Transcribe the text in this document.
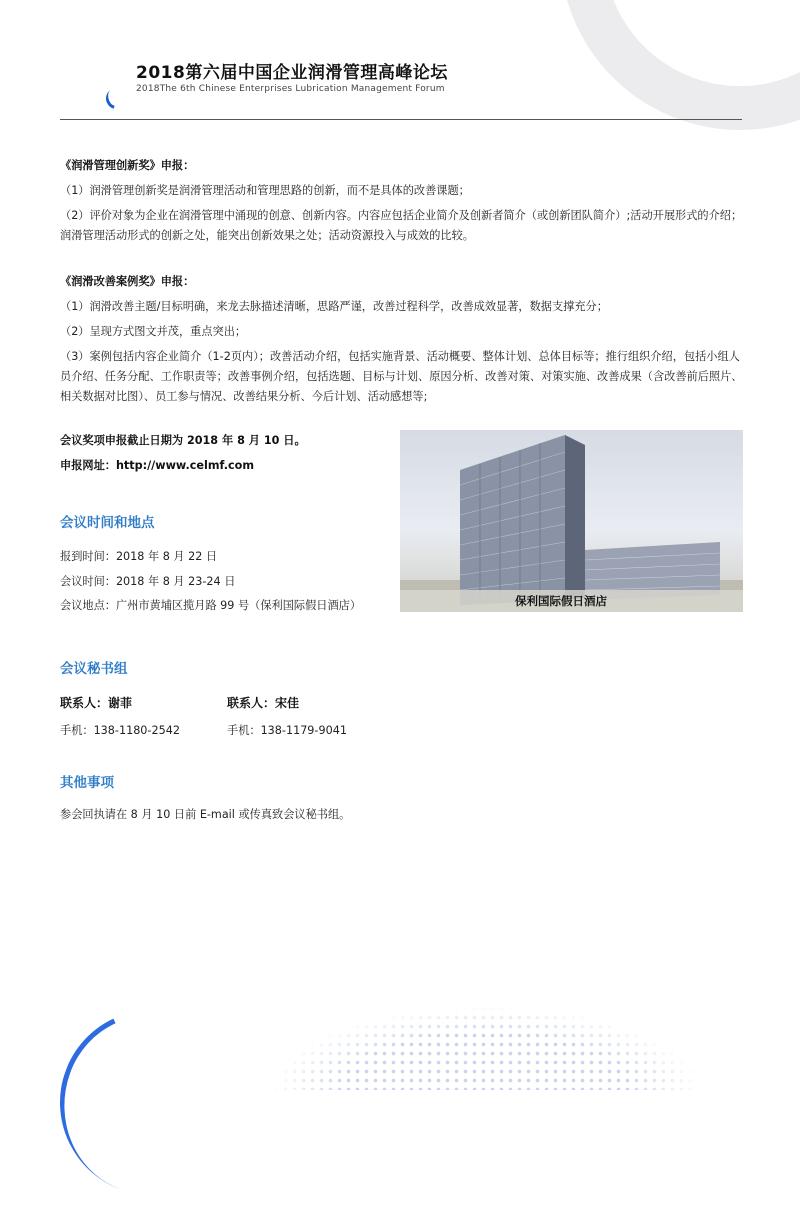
2018第六届中国企业润滑管理高峰论坛
2018The 6th Chinese Enterprises Lubrication Management Forum

《润滑管理创新奖》申报：

（1）润滑管理创新奖是润滑管理活动和管理思路的创新，而不是具体的改善课题；

（2）评价对象为企业在润滑管理中涌现的创意、创新内容。内容应包括企业简介及创新者简介（或创新团队简介）;活动开展形式的介绍；润滑管理活动形式的创新之处，能突出创新效果之处；活动资源投入与成效的比较。

《润滑改善案例奖》申报：

（1）润滑改善主题/目标明确，来龙去脉描述清晰，思路严谨，改善过程科学，改善成效显著，数据支撑充分；

（2）呈现方式图文并茂，重点突出；

（3）案例包括内容企业简介（1-2页内）；改善活动介绍，包括实施背景、活动概要、整体计划、总体目标等；推行组织介绍，包括小组人员介绍、任务分配、工作职责等；改善事例介绍，包括选题、目标与计划、原因分析、改善对策、对策实施、改善成果（含改善前后照片、相关数据对比图）、员工参与情况、改善结果分析、今后计划、活动感想等;

会议奖项申报截止日期为 2018 年 8 月 10 日。
申报网址：http://www.celmf.com
会议时间和地点
报到时间：2018 年 8 月 22 日
会议时间：2018 年 8 月 23-24 日
会议地点：广州市黄埔区揽月路 99 号（保利国际假日酒店）	保利国际假日酒店
会议秘书组
联系人：谢菲
手机：138-1180-2542
联系人：宋佳
手机：138-1179-9041
其他事项
参会回执请在 8 月 10 日前 E-mail 或传真致会议秘书组。
